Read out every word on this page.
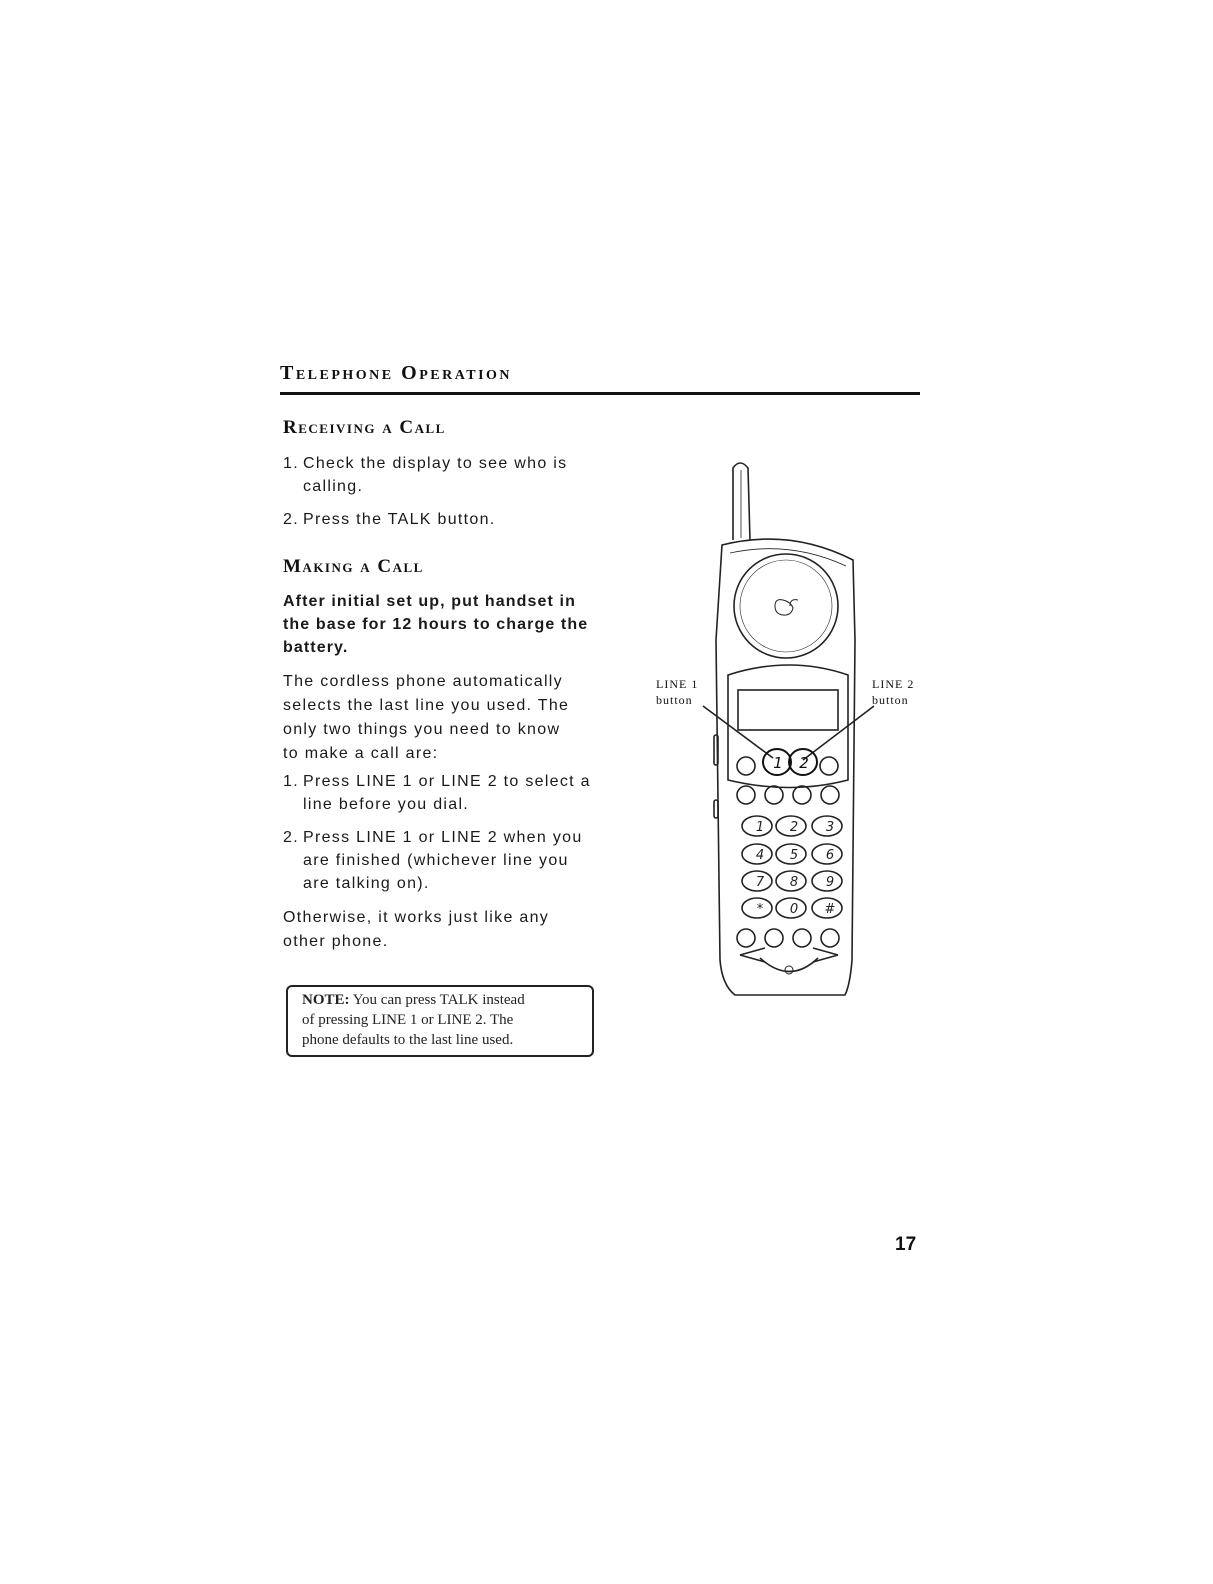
Telephone Operation
Receiving a Call
1. Check the display to see who is
calling.
2. Press the TALK button.
Making a Call
After initial set up, put handset in
the base for 12 hours to charge the
battery.
The cordless phone automatically
selects the last line you used. The
only two things you need to know
to make a call are:
1. Press LINE 1 or LINE 2 to select a
line before you dial.
2. Press LINE 1 or LINE 2 when you
are finished (whichever line you
are talking on).
Otherwise, it works just like any
other phone.
NOTE: You can press TALK instead
of pressing LINE 1 or LINE 2. The
phone defaults to the last line used.
LINE 1
button
LINE 2
button
1 2 3
4 5 6
7 8 9
* 0 #
1 2
17
